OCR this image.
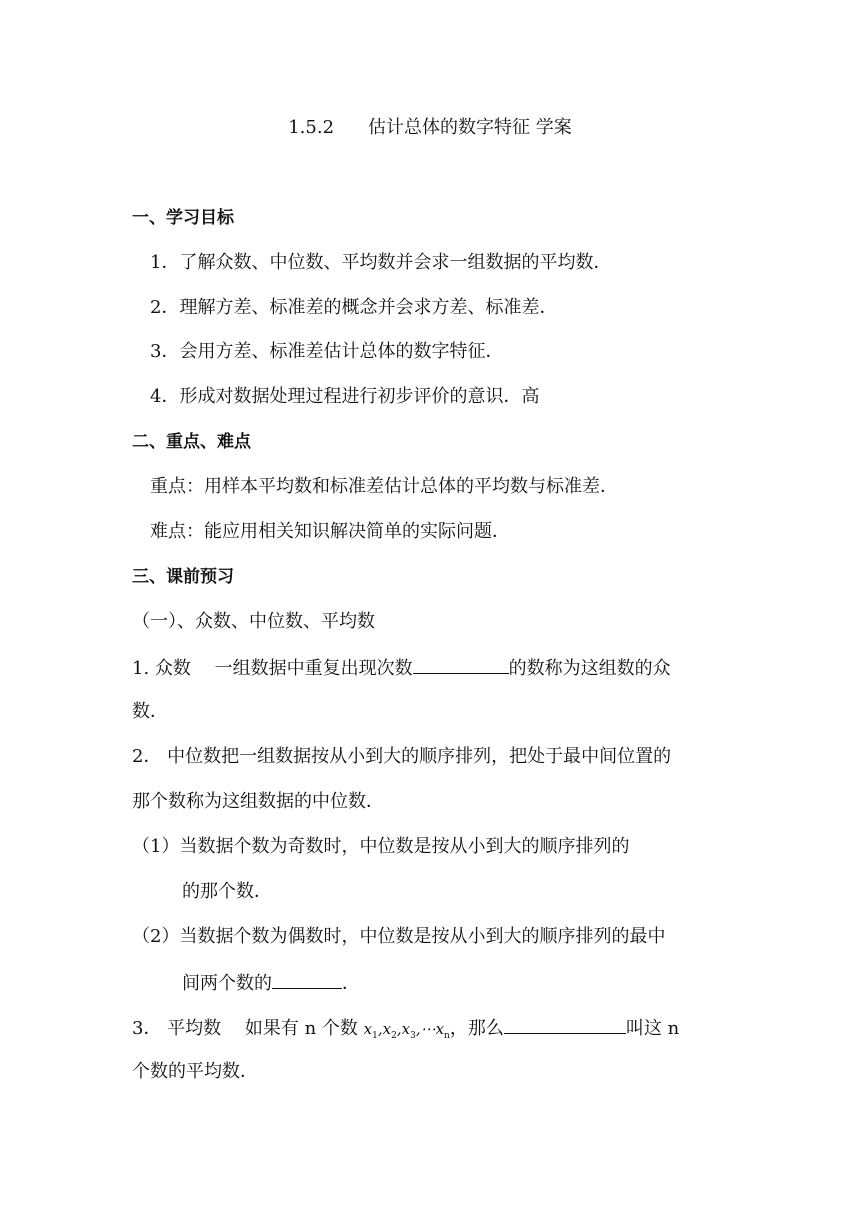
1.5.2 估计总体的数字特征 学案
一、学习目标
1．了解众数、中位数、平均数并会求一组数据的平均数．
2．理解方差、标准差的概念并会求方差、标准差．
3．会用方差、标准差估计总体的数字特征．
4．形成对数据处理过程进行初步评价的意识．高
二、重点、难点
重点：用样本平均数和标准差估计总体的平均数与标准差．
难点：能应用相关知识解决简单的实际问题．
三、课前预习
（一）、众数、中位数、平均数
1. 众数　 一组数据中重复出现次数	的数称为这组数的众
数．
2． 中位数把一组数据按从小到大的顺序排列，把处于最中间位置的
那个数称为这组数据的中位数．
（1）当数据个数为奇数时，中位数是按从小到大的顺序排列的
的那个数．
（2）当数据个数为偶数时，中位数是按从小到大的顺序排列的最中
间两个数的	．
3． 平均数　 如果有 n 个数 $x_1,x_2,x_3,\cdots x_n$，那么	叫这 n
个数的平均数．
